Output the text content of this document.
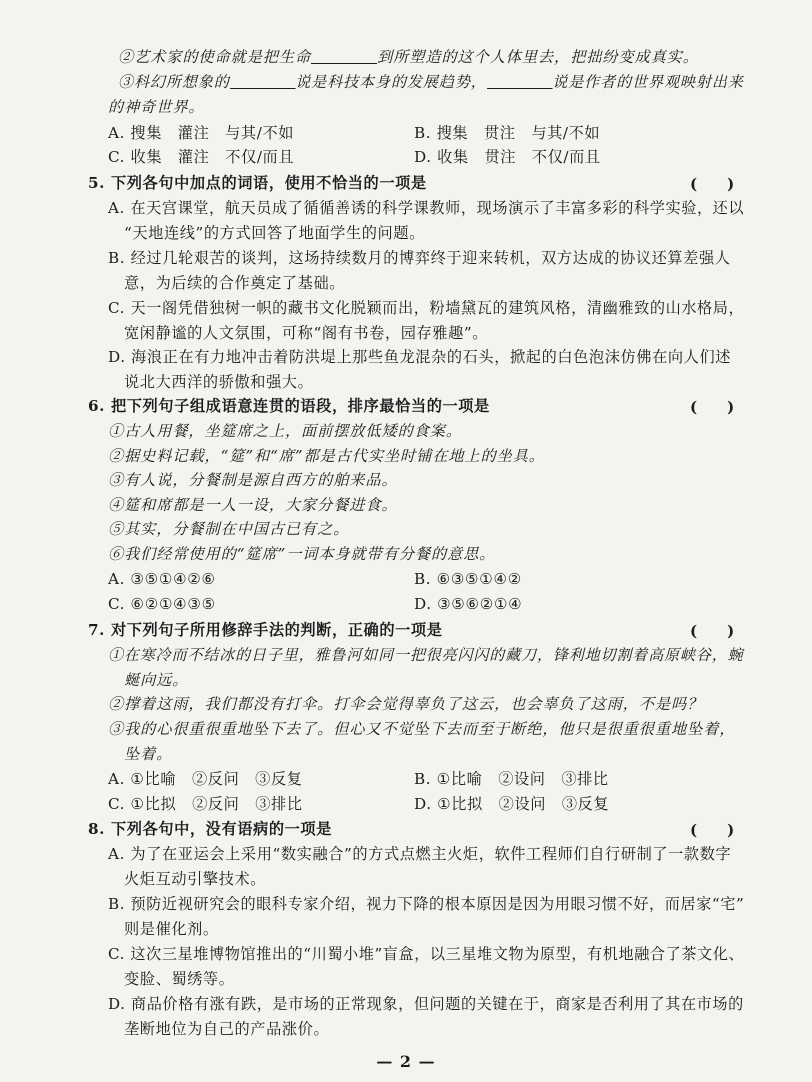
②艺术家的使命就是把生命	到所塑造的这个人体里去，把拙纷变成真实。
③科幻所想象的	说是科技本身的发展趋势，	说是作者的世界观映射出来
的神奇世界。
A. 搜集　灌注　与其/不如	B. 搜集　贯注　与其/不如
C. 收集　灌注　不仅/而且	D. 收集　贯注　不仅/而且
5. 下列各句中加点的词语，使用不恰当的一项是	(　　)
A. 在天宫课堂，航天员成了循循善诱的科学课教师，现场演示了丰富多彩的科学实验，还以
“天地连线”的方式回答了地面学生的问题。
B. 经过几轮艰苦的谈判，这场持续数月的博弈终于迎来转机，双方达成的协议还算差强人
意，为后续的合作奠定了基础。
C. 天一阁凭借独树一帜的藏书文化脱颖而出，粉墙黛瓦的建筑风格，清幽雅致的山水格局，
宽闲静谧的人文氛围，可称“阁有书卷，园存雅趣”。
D. 海浪正在有力地冲击着防洪堤上那些鱼龙混杂的石头，掀起的白色泡沫仿佛在向人们述
说北大西洋的骄傲和强大。
6. 把下列句子组成语意连贯的语段，排序最恰当的一项是	(　　)
①古人用餐，坐筵席之上，面前摆放低矮的食案。
②据史料记载，“筵”和“席”都是古代实坐时铺在地上的坐具。
③有人说，分餐制是源自西方的舶来品。
④筵和席都是一人一设，大家分餐进食。
⑤其实，分餐制在中国古已有之。
⑥我们经常使用的“筵席”一词本身就带有分餐的意思。
A. ③⑤①④②⑥	B. ⑥③⑤①④②
C. ⑥②①④③⑤	D. ③⑤⑥②①④
7. 对下列句子所用修辞手法的判断，正确的一项是	(　　)
①在寒冷而不结冰的日子里，雅鲁河如同一把很亮闪闪的藏刀，锋利地切割着高原峡谷，蜿
蜒向远。
②撑着这雨，我们都没有打伞。打伞会觉得辜负了这云，也会辜负了这雨，不是吗？
③我的心很重很重地坠下去了。但心又不觉坠下去而至于断绝，他只是很重很重地坠着，
坠着。
A. ①比喻　②反问　③反复	B. ①比喻　②设问　③排比
C. ①比拟　②反问　③排比	D. ①比拟　②设问　③反复
8. 下列各句中，没有语病的一项是	(　　)
A. 为了在亚运会上采用“数实融合”的方式点燃主火炬，软件工程师们自行研制了一款数字
火炬互动引擎技术。
B. 预防近视研究会的眼科专家介绍，视力下降的根本原因是因为用眼习惯不好，而居家“宅”
则是催化剂。
C. 这次三星堆博物馆推出的“川蜀小堆”盲盒，以三星堆文物为原型，有机地融合了茶文化、
变脸、蜀绣等。
D. 商品价格有涨有跌，是市场的正常现象，但问题的关键在于，商家是否利用了其在市场的
垄断地位为自己的产品涨价。
— 2 —
